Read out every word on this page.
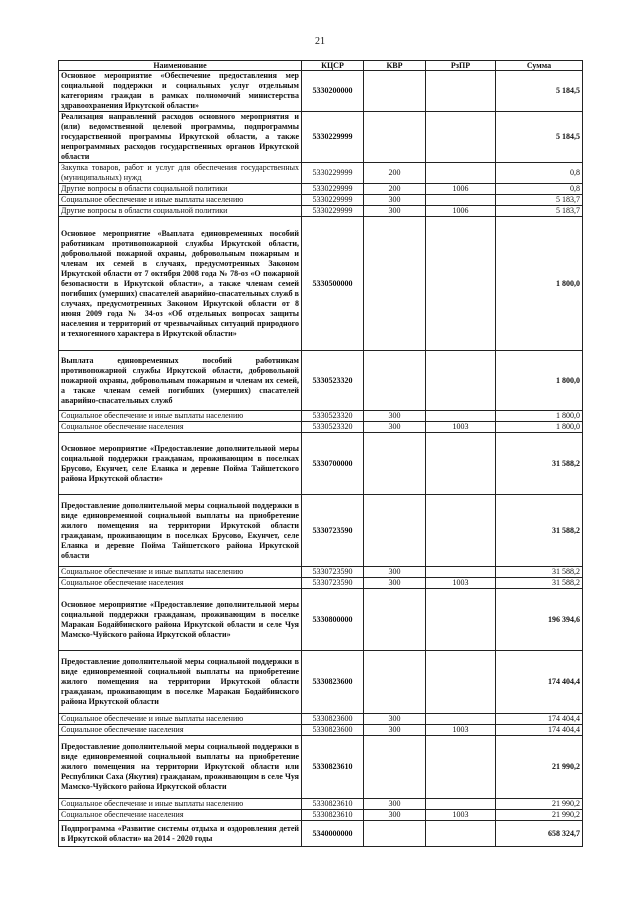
21
Наименование	КЦСР	КВР	РзПР	Сумма
Основное мероприятие «Обеспечение предоставления мер социальной поддержки и социальных услуг отдельным категориям граждан в рамках полномочий министерства здравоохранения Иркутской области»	5330200000			5 184,5
Реализация направлений расходов основного мероприятия и (или) ведомственной целевой программы, подпрограммы государственной программы Иркутской области, а также непрограммных расходов государственных органов Иркутской области	5330229999			5 184,5
Закупка товаров, работ и услуг для обеспечения государственных (муниципальных) нужд	5330229999	200		0,8
Другие вопросы в области социальной политики	5330229999	200	1006	0,8
Социальное обеспечение и иные выплаты населению	5330229999	300		5 183,7
Другие вопросы в области социальной политики	5330229999	300	1006	5 183,7
Основное мероприятие «Выплата единовременных пособий работникам противопожарной службы Иркутской области, добровольной пожарной охраны, добровольным пожарным и членам их семей в случаях, предусмотренных Законом Иркутской области от 7 октября 2008 года № 78-оз «О пожарной безопасности в Иркутской области», а также членам семей погибших (умерших) спасателей аварийно-спасательных служб в случаях, предусмотренных Законом Иркутской области от 8 июня 2009 года № 34-оз «Об отдельных вопросах защиты населения и территорий от чрезвычайных ситуаций природного и техногенного характера в Иркутской области»	5330500000			1 800,0
Выплата единовременных пособий работникам противопожарной службы Иркутской области, добровольной пожарной охраны, добровольным пожарным и членам их семей, а также членам семей погибших (умерших) спасателей аварийно-спасательных служб	5330523320			1 800,0
Социальное обеспечение и иные выплаты населению	5330523320	300		1 800,0
Социальное обеспечение населения	5330523320	300	1003	1 800,0
Основное мероприятие «Предоставление дополнительной меры социальной поддержки гражданам, проживающим в поселках Брусово, Екунчет, селе Еланка и деревне Пойма Тайшетского района Иркутской области»	5330700000			31 588,2
Предоставление дополнительной меры социальной поддержки в виде единовременной социальной выплаты на приобретение жилого помещения на территории Иркутской области гражданам, проживающим в поселках Брусово, Екунчет, селе Еланка и деревне Пойма Тайшетского района Иркутской области	5330723590			31 588,2
Социальное обеспечение и иные выплаты населению	5330723590	300		31 588,2
Социальное обеспечение населения	5330723590	300	1003	31 588,2
Основное мероприятие «Предоставление дополнительной меры социальной поддержки гражданам, проживающим в поселке Маракан Бодайбинского района Иркутской области и селе Чуя Мамско-Чуйского района Иркутской области»	5330800000			196 394,6
Предоставление дополнительной меры социальной поддержки в виде единовременной социальной выплаты на приобретение жилого помещения на территории Иркутской области гражданам, проживающим в поселке Маракан Бодайбинского района Иркутской области	5330823600			174 404,4
Социальное обеспечение и иные выплаты населению	5330823600	300		174 404,4
Социальное обеспечение населения	5330823600	300	1003	174 404,4
Предоставление дополнительной меры социальной поддержки в виде единовременной социальной выплаты на приобретение жилого помещения на территории Иркутской области или Республики Саха (Якутия) гражданам, проживающим в селе Чуя Мамско-Чуйского района Иркутской области	5330823610			21 990,2
Социальное обеспечение и иные выплаты населению	5330823610	300		21 990,2
Социальное обеспечение населения	5330823610	300	1003	21 990,2
Подпрограмма «Развитие системы отдыха и оздоровления детей в Иркутской области» на 2014 - 2020 годы	5340000000			658 324,7
